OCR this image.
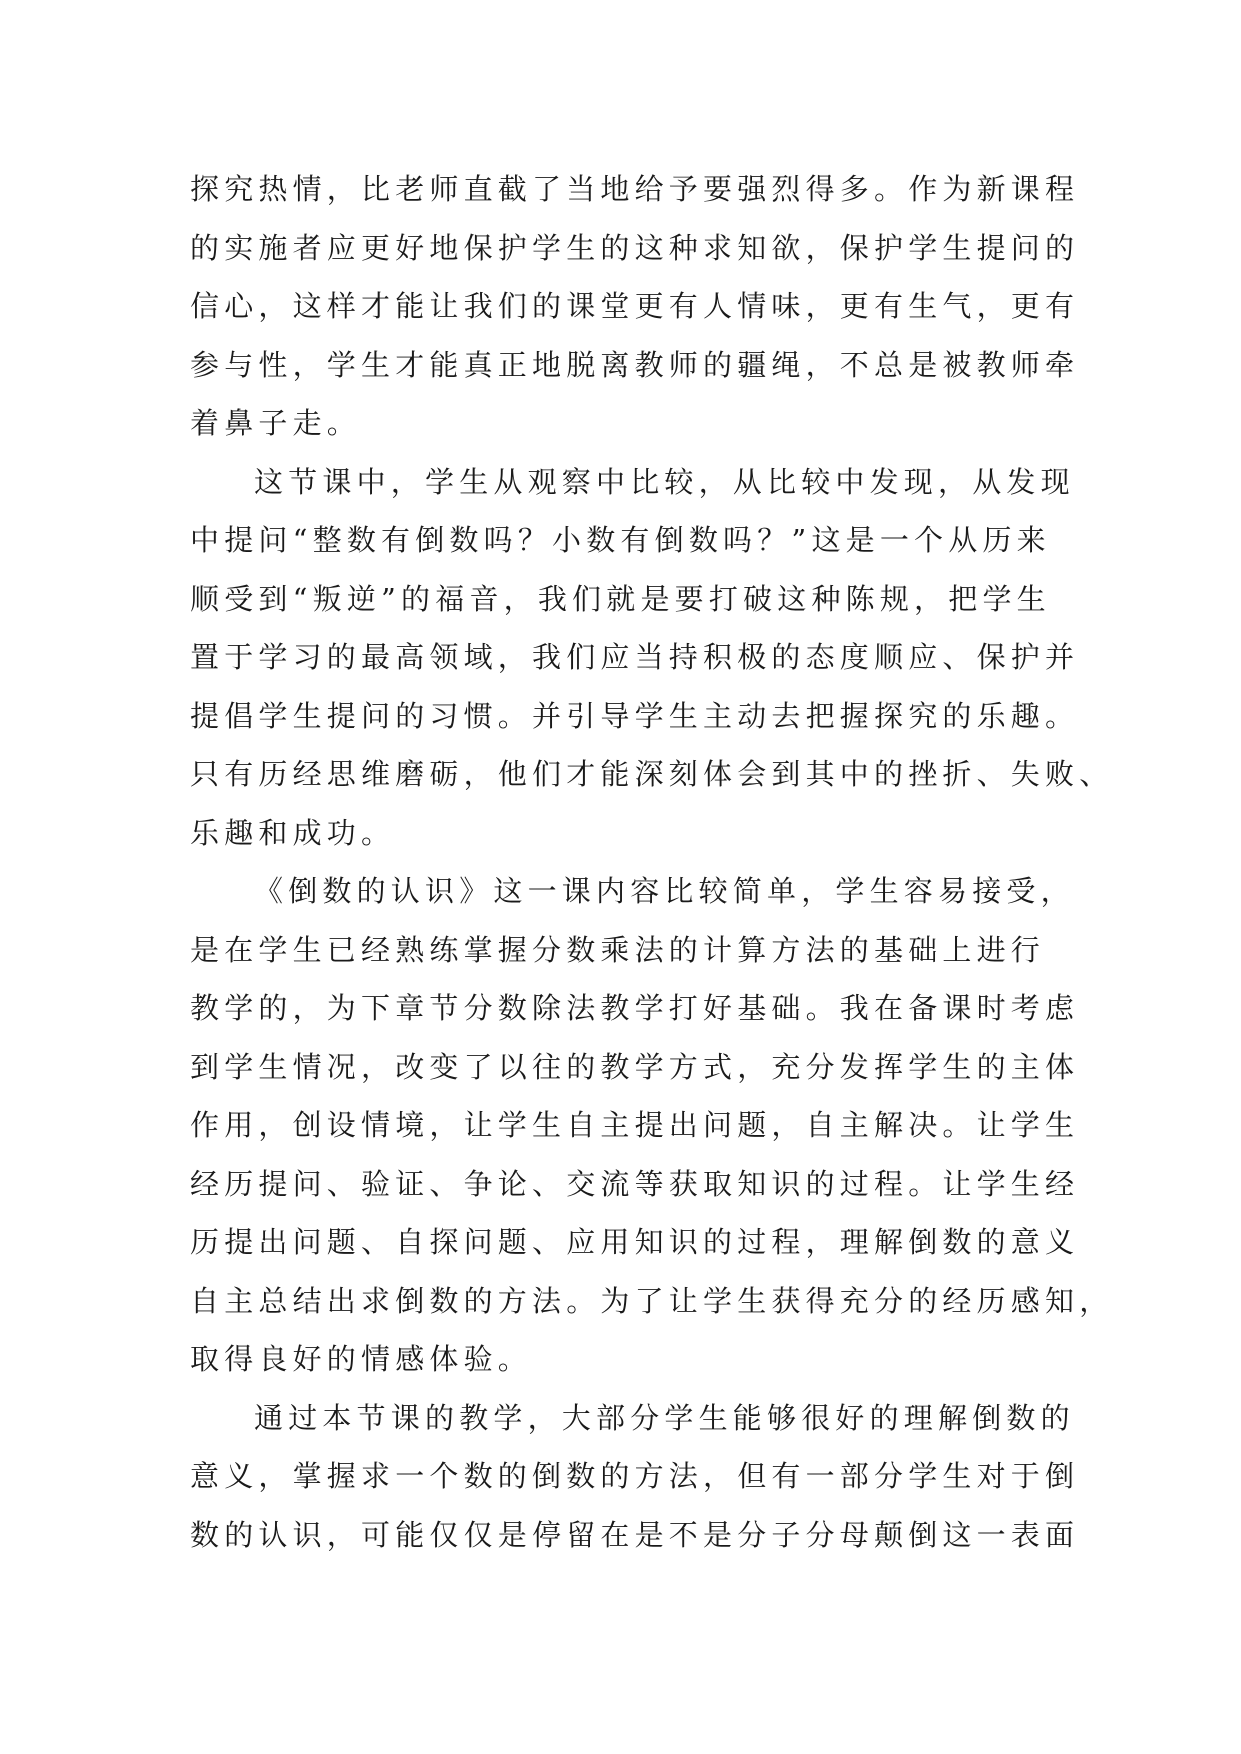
探究热情，比老师直截了当地给予要强烈得多。作为新课程
的实施者应更好地保护学生的这种求知欲，保护学生提问的
信心，这样才能让我们的课堂更有人情味，更有生气，更有
参与性，学生才能真正地脱离教师的疆绳，不总是被教师牵
着鼻子走。
这节课中，学生从观察中比较，从比较中发现，从发现
中提问“整数有倒数吗？小数有倒数吗？”这是一个从历来
顺受到“叛逆”的福音，我们就是要打破这种陈规，把学生
置于学习的最高领域，我们应当持积极的态度顺应、保护并
提倡学生提问的习惯。并引导学生主动去把握探究的乐趣。
只有历经思维磨砺，他们才能深刻体会到其中的挫折、失败、
乐趣和成功。
《倒数的认识》这一课内容比较简单，学生容易接受，
是在学生已经熟练掌握分数乘法的计算方法的基础上进行
教学的，为下章节分数除法教学打好基础。我在备课时考虑
到学生情况，改变了以往的教学方式，充分发挥学生的主体
作用，创设情境，让学生自主提出问题，自主解决。让学生
经历提问、验证、争论、交流等获取知识的过程。让学生经
历提出问题、自探问题、应用知识的过程，理解倒数的意义
自主总结出求倒数的方法。为了让学生获得充分的经历感知，
取得良好的情感体验。
通过本节课的教学，大部分学生能够很好的理解倒数的
意义，掌握求一个数的倒数的方法，但有一部分学生对于倒
数的认识，可能仅仅是停留在是不是分子分母颠倒这一表面
